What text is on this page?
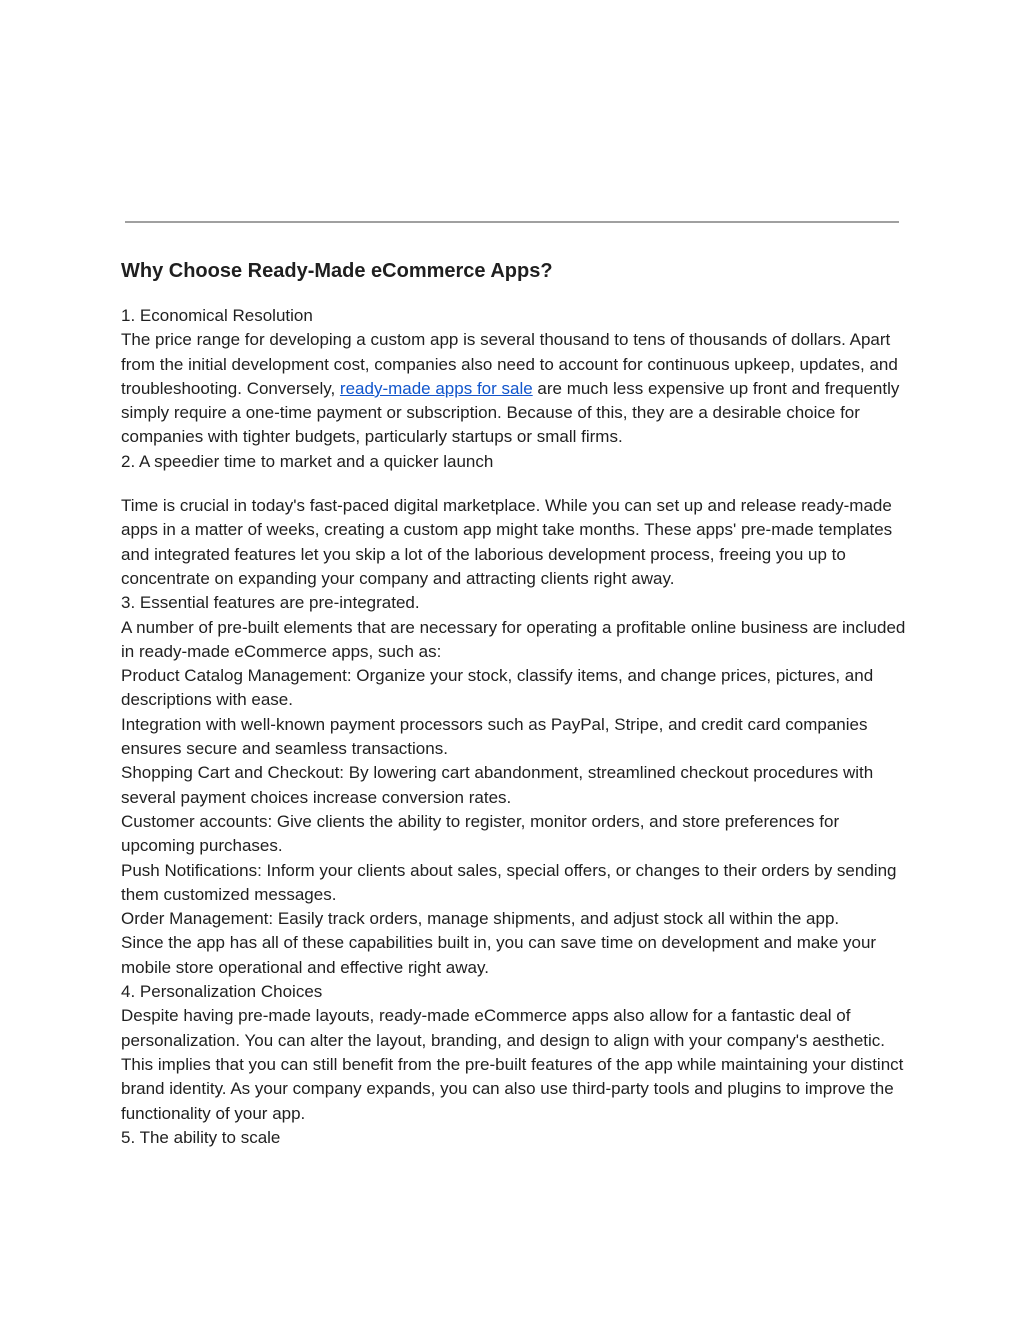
Why Choose Ready-Made eCommerce Apps?

1. Economical Resolution

The price range for developing a custom app is several thousand to tens of thousands of dollars. Apart from the initial development cost, companies also need to account for continuous upkeep, updates, and troubleshooting. Conversely, ready-made apps for sale are much less expensive up front and frequently simply require a one-time payment or subscription. Because of this, they are a desirable choice for companies with tighter budgets, particularly startups or small firms.

2. A speedier time to market and a quicker launch

Time is crucial in today's fast-paced digital marketplace. While you can set up and release ready-made apps in a matter of weeks, creating a custom app might take months. These apps' pre-made templates and integrated features let you skip a lot of the laborious development process, freeing you up to concentrate on expanding your company and attracting clients right away.

3. Essential features are pre-integrated.

A number of pre-built elements that are necessary for operating a profitable online business are included in ready-made eCommerce apps, such as:

Product Catalog Management: Organize your stock, classify items, and change prices, pictures, and descriptions with ease.

Integration with well-known payment processors such as PayPal, Stripe, and credit card companies ensures secure and seamless transactions.

Shopping Cart and Checkout: By lowering cart abandonment, streamlined checkout procedures with several payment choices increase conversion rates.

Customer accounts: Give clients the ability to register, monitor orders, and store preferences for upcoming purchases.

Push Notifications: Inform your clients about sales, special offers, or changes to their orders by sending them customized messages.

Order Management: Easily track orders, manage shipments, and adjust stock all within the app.

Since the app has all of these capabilities built in, you can save time on development and make your mobile store operational and effective right away.

4. Personalization Choices

Despite having pre-made layouts, ready-made eCommerce apps also allow for a fantastic deal of personalization. You can alter the layout, branding, and design to align with your company's aesthetic. This implies that you can still benefit from the pre-built features of the app while maintaining your distinct brand identity. As your company expands, you can also use third-party tools and plugins to improve the functionality of your app.

5. The ability to scale
